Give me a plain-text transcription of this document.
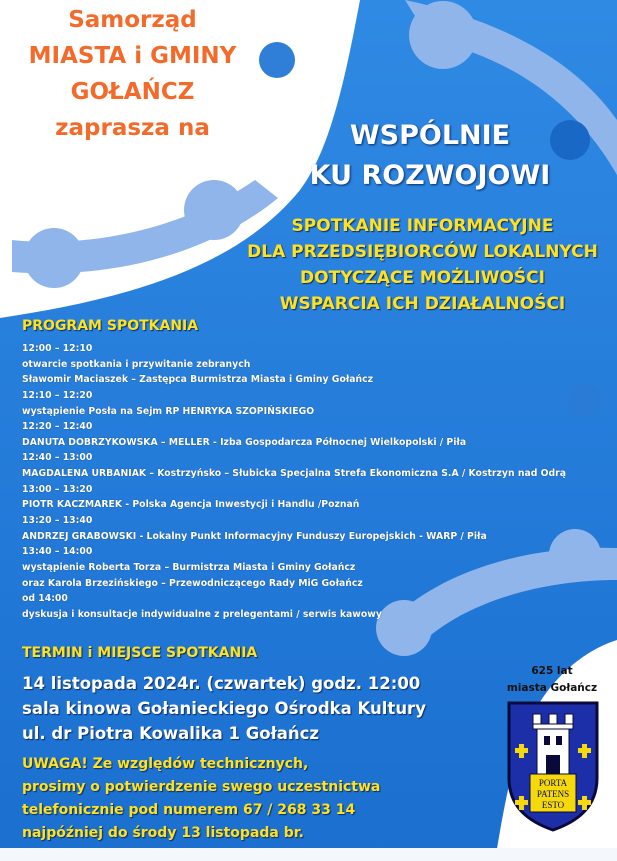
Samorząd
MIASTA i GMINY
GOŁAŃCZ
zaprasza na	WSPÓLNIE
KU ROZWOJOWI
SPOTKANIE INFORMACYJNE
DLA PRZEDSIĘBIORCÓW LOKALNYCH
DOTYCZĄCE MOŻLIWOŚCI
WSPARCIA ICH DZIAŁALNOŚCI
PROGRAM SPOTKANIA
12:00 – 12:10
otwarcie spotkania i przywitanie zebranych
Sławomir Maciaszek – Zastępca Burmistrza Miasta i Gminy Gołańcz
12:10 – 12:20
wystąpienie Posła na Sejm RP HENRYKA SZOPIŃSKIEGO
12:20 – 12:40
DANUTA DOBRZYKOWSKA – MELLER - Izba Gospodarcza Północnej Wielkopolski / Piła
12:40 – 13:00
MAGDALENA URBANIAK – Kostrzyńsko – Słubicka Specjalna Strefa Ekonomiczna S.A / Kostrzyn nad Odrą
13:00 – 13:20
PIOTR KACZMAREK - Polska Agencja Inwestycji i Handlu /Poznań
13:20 – 13:40
ANDRZEJ GRABOWSKI - Lokalny Punkt Informacyjny Funduszy Europejskich - WARP / Piła
13:40 – 14:00
wystąpienie Roberta Torza – Burmistrza Miasta i Gminy Gołańcz
oraz Karola Brzezińskiego – Przewodniczącego Rady MiG Gołańcz
od 14:00
dyskusja i konsultacje indywidualne z prelegentami / serwis kawowy
TERMIN i MIEJSCE SPOTKANIA
14 listopada 2024r. (czwartek) godz. 12:00
sala kinowa Gołanieckiego Ośrodka Kultury
ul. dr Piotra Kowalika 1 Gołańcz
UWAGA! Ze względów technicznych,
prosimy o potwierdzenie swego uczestnictwa
telefonicznie pod numerem 67 / 268 33 14
najpóźniej do środy 13 listopada br.
625 lat
miasta Gołańcz
PORTA
PATENS
ESTO
